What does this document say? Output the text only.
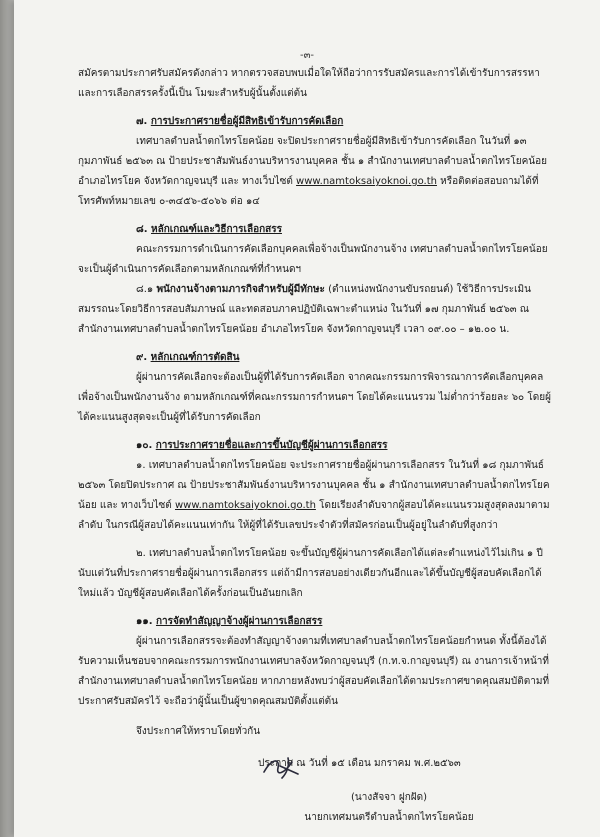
-๓-

สมัครตามประกาศรับสมัครดังกล่าว หากตรวจสอบพบเมื่อใดให้ถือว่าการรับสมัครและการได้เข้ารับการสรรหาและการเลือกสรรครั้งนี้เป็น โมฆะสำหรับผู้นั้นตั้งแต่ต้น

๗. การประกาศรายชื่อผู้มีสิทธิเข้ารับการคัดเลือก

เทศบาลตำบลน้ำตกไทรโยคน้อย จะปิดประกาศรายชื่อผู้มีสิทธิเข้ารับการคัดเลือก ในวันที่ ๑๓ กุมภาพันธ์ ๒๕๖๓ ณ ป้ายประชาสัมพันธ์งานบริหารงานบุคคล ชั้น ๑ สำนักงานเทศบาลตำบลน้ำตกไทรโยคน้อย อำเภอไทรโยค จังหวัดกาญจนบุรี และ ทางเว็บไซต์ www.namtoksaiyoknoi.go.th หรือติดต่อสอบถามได้ที่โทรศัพท์หมายเลข ๐-๓๔๕๖-๕๐๖๖ ต่อ ๑๔

๘. หลักเกณฑ์และวิธีการเลือกสรร

คณะกรรมการดำเนินการคัดเลือกบุคคลเพื่อจ้างเป็นพนักงานจ้าง เทศบาลตำบลน้ำตกไทรโยคน้อย จะเป็นผู้ดำเนินการคัดเลือกตามหลักเกณฑ์ที่กำหนดฯ

๘.๑ พนักงานจ้างตามภารกิจสำหรับผู้มีทักษะ (ตำแหน่งพนักงานขับรถยนต์) ใช้วิธีการประเมินสมรรถนะโดยวิธีการสอบสัมภาษณ์ และทดสอบภาคปฏิบัติเฉพาะตำแหน่ง ในวันที่ ๑๗ กุมภาพันธ์ ๒๕๖๓ ณ สำนักงานเทศบาลตำบลน้ำตกไทรโยคน้อย อำเภอไทรโยค จังหวัดกาญจนบุรี เวลา ๐๙.๐๐ – ๑๒.๐๐ น.

๙. หลักเกณฑ์การตัดสิน

ผู้ผ่านการคัดเลือกจะต้องเป็นผู้ที่ได้รับการคัดเลือก จากคณะกรรมการพิจารณาการคัดเลือกบุคคลเพื่อจ้างเป็นพนักงานจ้าง ตามหลักเกณฑ์ที่คณะกรรมการกำหนดฯ โดยได้คะแนนรวม ไม่ต่ำกว่าร้อยละ ๖๐ โดยผู้ได้คะแนนสูงสุดจะเป็นผู้ที่ได้รับการคัดเลือก

๑๐. การประกาศรายชื่อและการขึ้นบัญชีผู้ผ่านการเลือกสรร

๑. เทศบาลตำบลน้ำตกไทรโยคน้อย จะประกาศรายชื่อผู้ผ่านการเลือกสรร ในวันที่ ๑๘ กุมภาพันธ์ ๒๕๖๓ โดยปิดประกาศ ณ ป้ายประชาสัมพันธ์งานบริหารงานบุคคล ชั้น ๑ สำนักงานเทศบาลตำบลน้ำตกไทรโยคน้อย และ ทางเว็บไซต์ www.namtoksaiyoknoi.go.th โดยเรียงลำดับจากผู้สอบได้คะแนนรวมสูงสุดลงมาตามลำดับ ในกรณีผู้สอบได้คะแนนเท่ากัน ให้ผู้ที่ได้รับเลขประจำตัวที่สมัครก่อนเป็นผู้อยู่ในลำดับที่สูงกว่า

๒. เทศบาลตำบลน้ำตกไทรโยคน้อย จะขึ้นบัญชีผู้ผ่านการคัดเลือกได้แต่ละตำแหน่งไว้ไม่เกิน ๑ ปี นับแต่วันที่ประกาศรายชื่อผู้ผ่านการเลือกสรร แต่ถ้ามีการสอบอย่างเดียวกันอีกและได้ขึ้นบัญชีผู้สอบคัดเลือกได้ใหม่แล้ว บัญชีผู้สอบคัดเลือกได้ครั้งก่อนเป็นอันยกเลิก

๑๑. การจัดทำสัญญาจ้างผู้ผ่านการเลือกสรร

ผู้ผ่านการเลือกสรรจะต้องทำสัญญาจ้างตามที่เทศบาลตำบลน้ำตกไทรโยคน้อยกำหนด ทั้งนี้ต้องได้รับความเห็นชอบจากคณะกรรมการพนักงานเทศบาลจังหวัดกาญจนบุรี (ก.ท.จ.กาญจนบุรี) ณ งานการเจ้าหน้าที่ สำนักงานเทศบาลตำบลน้ำตกไทรโยคน้อย หากภายหลังพบว่าผู้สอบคัดเลือกได้ตามประกาศขาดคุณสมบัติตามที่ประกาศรับสมัครไว้ จะถือว่าผู้นั้นเป็นผู้ขาดคุณสมบัติตั้งแต่ต้น

จึงประกาศให้ทราบโดยทั่วกัน

ประกาศ ณ วันที่ ๑๕ เดือน มกราคม พ.ศ.๒๕๖๓

(นางสัจจา ฝูกฝัด)
นายกเทศมนตรีตำบลน้ำตกไทรโยคน้อย
